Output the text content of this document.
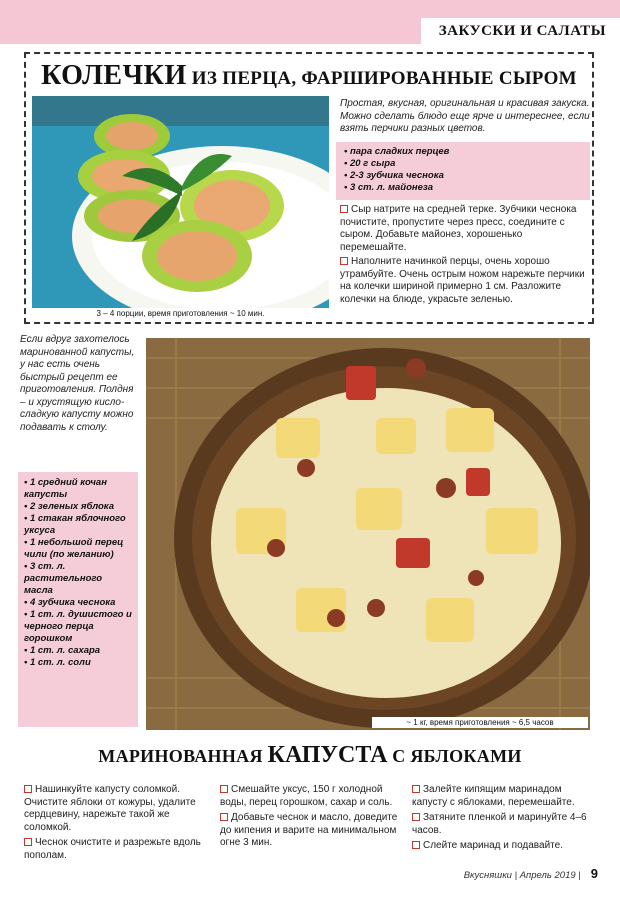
ЗАКУСКИ И САЛАТЫ
КОЛЕЧКИ ИЗ ПЕРЦА, ФАРШИРОВАННЫЕ СЫРОМ
3 – 4 порции, время приготовления ~ 10 мин.
Простая, вкусная, оригинальная и красивая закуска. Можно сделать блюдо еще ярче и интереснее, если взять перчики разных цветов.
• пара сладких перцев
• 20 г сыра
• 2-3 зубчика чеснока
• 3 ст. л. майонеза

Сыр натрите на средней терке. Зубчики чеснока почистите, пропустите через пресс, соедините с сыром. Добавьте майонез, хорошенько перемешайте.

Наполните начинкой перцы, очень хорошо утрамбуйте. Очень острым ножом нарежьте перчики на колечки шириной примерно 1 см. Разложите колечки на блюде, украсьте зеленью.

Если вдруг захотелось маринованной капусты, у нас есть очень быстрый рецепт ее приготовления. Полдня – и хрустящую кисло-сладкую капусту можно подавать к столу.
• 1 средний кочан капусты
• 2 зеленых яблока
• 1 стакан яблочного уксуса
• 1 небольшой перец чили (по желанию)
• 3 ст. л. растительного масла
• 4 зубчика чеснока
• 1 ст. л. душистого и черного перца горошком
• 1 ст. л. сахара
• 1 ст. л. соли
~ 1 кг, время приготовления ~ 6,5 часов
МАРИНОВАННАЯ КАПУСТА С ЯБЛОКАМИ

Нашинкуйте капусту соломкой. Очистите яблоки от кожуры, удалите сердцевину, нарежьте такой же соломкой.

Чеснок очистите и разрежьте вдоль пополам.

Смешайте уксус, 150 г холодной воды, перец горошком, сахар и соль.

Добавьте чеснок и масло, доведите до кипения и варите на минимальном огне 3 мин.

Залейте кипящим маринадом капусту с яблоками, перемешайте.

Затяните пленкой и маринуйте 4–6 часов.

Слейте маринад и подавайте.

Вкусняшки | Апрель 2019 | 9
